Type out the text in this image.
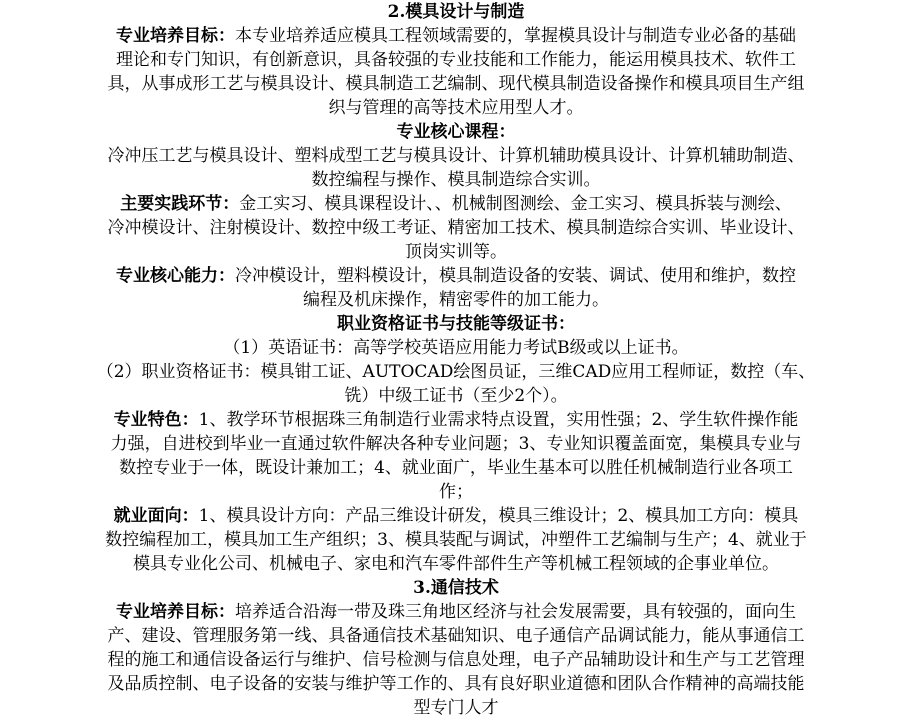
2.模具设计与制造
专业培养目标：本专业培养适应模具工程领域需要的，掌握模具设计与制造专业必备的基础
理论和专门知识，有创新意识，具备较强的专业技能和工作能力，能运用模具技术、软件工
具，从事成形工艺与模具设计、模具制造工艺编制、现代模具制造设备操作和模具项目生产组
织与管理的高等技术应用型人才。
专业核心课程：
冷冲压工艺与模具设计、塑料成型工艺与模具设计、计算机辅助模具设计、计算机辅助制造、
数控编程与操作、模具制造综合实训。
主要实践环节：金工实习、模具课程设计、、机械制图测绘、金工实习、模具拆装与测绘、
冷冲模设计、注射模设计、数控中级工考证、精密加工技术、模具制造综合实训、毕业设计、
顶岗实训等。
专业核心能力：冷冲模设计，塑料模设计，模具制造设备的安装、调试、使用和维护，数控
编程及机床操作，精密零件的加工能力。
职业资格证书与技能等级证书：
（1）英语证书：高等学校英语应用能力考试B级或以上证书。
（2）职业资格证书：模具钳工证、AUTOCAD绘图员证，三维CAD应用工程师证，数控（车、
铣）中级工证书（至少2个）。
专业特色：1、教学环节根据珠三角制造行业需求特点设置，实用性强；2、学生软件操作能
力强，自进校到毕业一直通过软件解决各种专业问题；3、专业知识覆盖面宽，集模具专业与
数控专业于一体，既设计兼加工；4、就业面广，毕业生基本可以胜任机械制造行业各项工
作；
就业面向：1、模具设计方向：产品三维设计研发，模具三维设计；2、模具加工方向：模具
数控编程加工，模具加工生产组织；3、模具装配与调试，冲塑件工艺编制与生产；4、就业于
模具专业化公司、机械电子、家电和汽车零件部件生产等机械工程领域的企事业单位。
3.通信技术
专业培养目标：培养适合沿海一带及珠三角地区经济与社会发展需要，具有较强的，面向生
产、建设、管理服务第一线、具备通信技术基础知识、电子通信产品调试能力，能从事通信工
程的施工和通信设备运行与维护、信号检测与信息处理，电子产品辅助设计和生产与工艺管理
及品质控制、电子设备的安装与维护等工作的、具有良好职业道德和团队合作精神的高端技能
型专门人才
